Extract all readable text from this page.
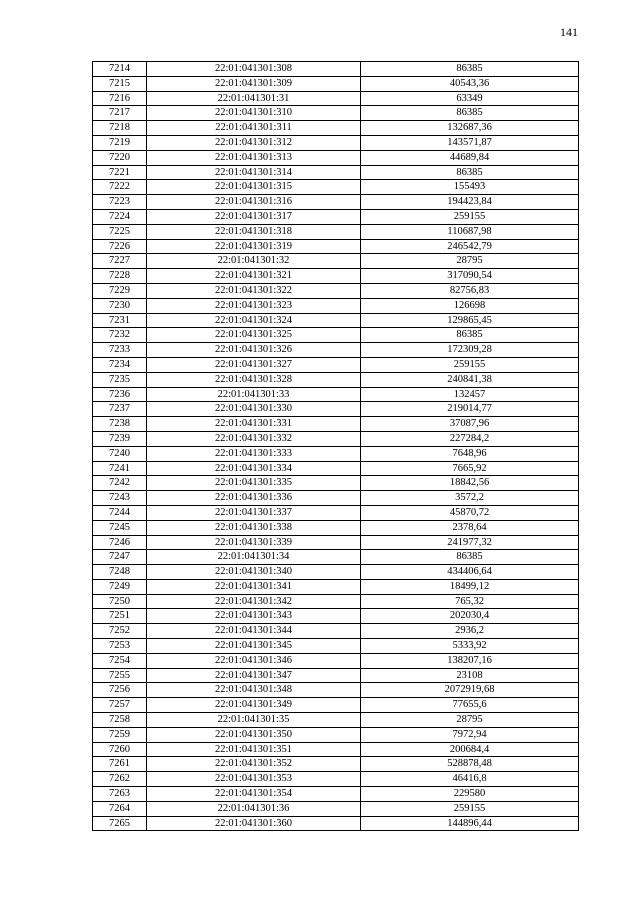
141
7214	22:01:041301:308	86385
7215	22:01:041301:309	40543,36
7216	22:01:041301:31	63349
7217	22:01:041301:310	86385
7218	22:01:041301:311	132687,36
7219	22:01:041301:312	143571,87
7220	22:01:041301:313	44689,84
7221	22:01:041301:314	86385
7222	22:01:041301:315	155493
7223	22:01:041301:316	194423,84
7224	22:01:041301:317	259155
7225	22:01:041301:318	110687,98
7226	22:01:041301:319	246542,79
7227	22:01:041301:32	28795
7228	22:01:041301:321	317090,54
7229	22:01:041301:322	82756,83
7230	22:01:041301:323	126698
7231	22:01:041301:324	129865,45
7232	22:01:041301:325	86385
7233	22:01:041301:326	172309,28
7234	22:01:041301:327	259155
7235	22:01:041301:328	240841,38
7236	22:01:041301:33	132457
7237	22:01:041301:330	219014,77
7238	22:01:041301:331	37087,96
7239	22:01:041301:332	227284,2
7240	22:01:041301:333	7648,96
7241	22:01:041301:334	7665,92
7242	22:01:041301:335	18842,56
7243	22:01:041301:336	3572,2
7244	22:01:041301:337	45870,72
7245	22:01:041301:338	2378,64
7246	22:01:041301:339	241977,32
7247	22:01:041301:34	86385
7248	22:01:041301:340	434406,64
7249	22:01:041301:341	18499,12
7250	22:01:041301:342	765,32
7251	22:01:041301:343	202030,4
7252	22:01:041301:344	2936,2
7253	22:01:041301:345	5333,92
7254	22:01:041301:346	138207,16
7255	22:01:041301:347	23108
7256	22:01:041301:348	2072919,68
7257	22:01:041301:349	77655,6
7258	22:01:041301:35	28795
7259	22:01:041301:350	7972,94
7260	22:01:041301:351	200684,4
7261	22:01:041301:352	528878,48
7262	22:01:041301:353	46416,8
7263	22:01:041301:354	229580
7264	22:01:041301:36	259155
7265	22:01:041301:360	144896,44
